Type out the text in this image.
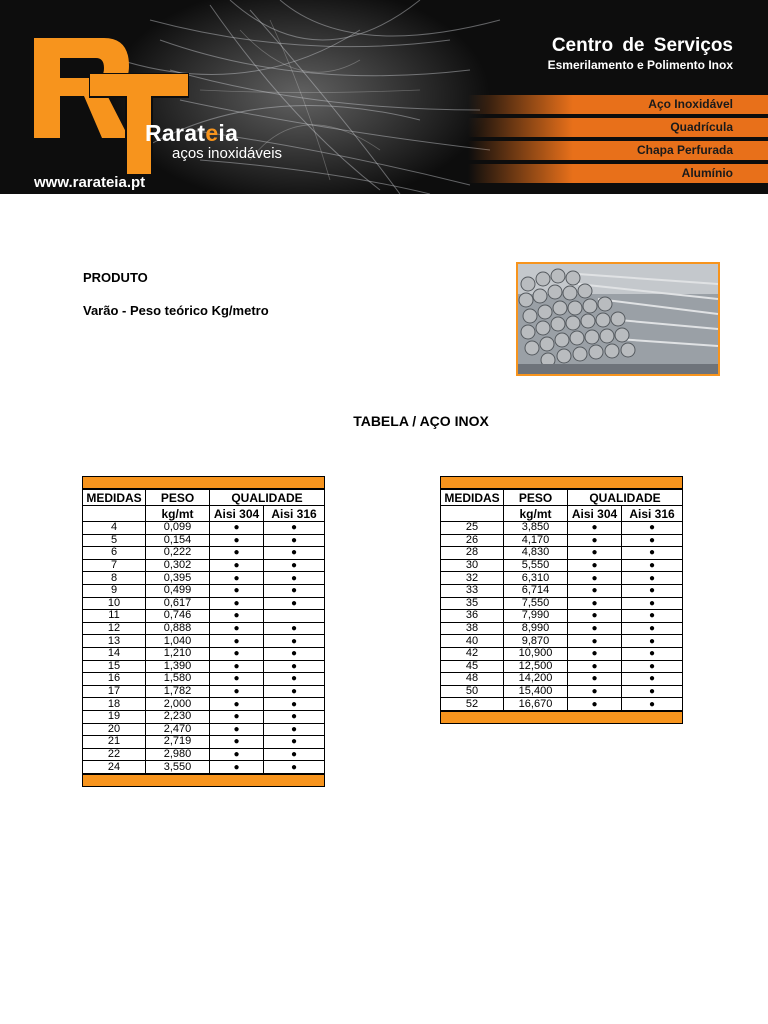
Rarateia
aços inoxidáveis
www.rarateia.pt
Centro de Serviços
Esmerilamento e Polimento Inox
Aço Inoxidável
Quadrícula
Chapa Perfurada
Alumínio
PRODUTO
Varão - Peso teórico Kg/metro
TABELA / AÇO INOX
MEDIDAS	PESO	QUALIDADE	
	kg/mt	Aisi 304	Aisi 316
4	0,099	●	●
5	0,154	●	●
6	0,222	●	●
7	0,302	●	●
8	0,395	●	●
9	0,499	●	●
10	0,617	●	●
11	0,746	●	
12	0,888	●	●
13	1,040	●	●
14	1,210	●	●
15	1,390	●	●
16	1,580	●	●
17	1,782	●	●
18	2,000	●	●
19	2,230	●	●
20	2,470	●	●
21	2,719	●	●
22	2,980	●	●
24	3,550	●	●
MEDIDAS	PESO	QUALIDADE	
	kg/mt	Aisi 304	Aisi 316
25	3,850	●	●
26	4,170	●	●
28	4,830	●	●
30	5,550	●	●
32	6,310	●	●
33	6,714	●	●
35	7,550	●	●
36	7,990	●	●
38	8,990	●	●
40	9,870	●	●
42	10,900	●	●
45	12,500	●	●
48	14,200	●	●
50	15,400	●	●
52	16,670	●	●
